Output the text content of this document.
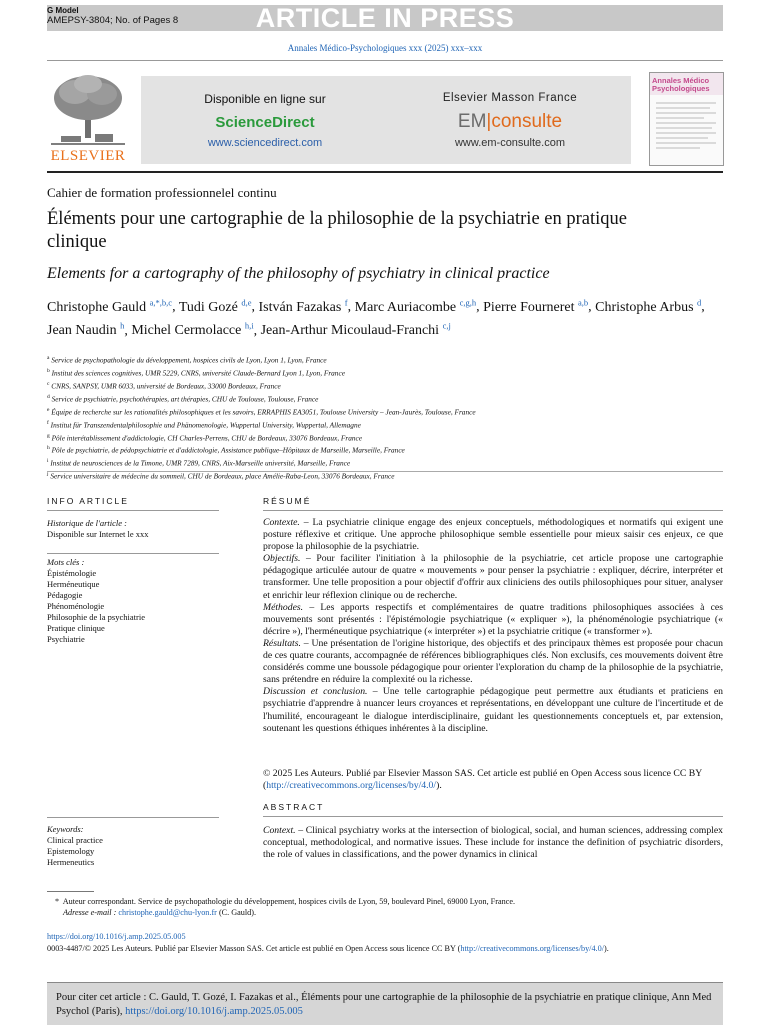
ARTICLE IN PRESS
G Model
AMEPSY-3804; No. of Pages 8
Annales Médico-Psychologiques xxx (2025) xxx–xxx
ELSEVIER
Disponible en ligne sur
ScienceDirect
www.sciencedirect.com
Elsevier Masson France
EM|consulte
www.em-consulte.com
Annales Médico Psychologiques
Cahier de formation professionnelel continu
Éléments pour une cartographie de la philosophie de la psychiatrie en pratique clinique
Elements for a cartography of the philosophy of psychiatry in clinical practice
Christophe Gauld $^{a,*,b,c}$, Tudi Gozé $^{d,e}$, István Fazakas $^f$, Marc Auriacombe $^{c,g,h}$, Pierre Fourneret $^{a,b}$, Christophe Arbus $^d$, Jean Naudin $^h$, Michel Cermolacce $^{h,i}$, Jean-Arthur Micoulaud-Franchi $^{c,j}$
$^a$ Service de psychopathologie du développement, hospices civils de Lyon, Lyon 1, Lyon, France
$^b$ Institut des sciences cognitives, UMR 5229, CNRS, université Claude-Bernard Lyon 1, Lyon, France
$^c$ CNRS, SANPSY, UMR 6033, université de Bordeaux, 33000 Bordeaux, France
$^d$ Service de psychiatrie, psychothérapies, art thérapies, CHU de Toulouse, Toulouse, France
$^e$ Équipe de recherche sur les rationalités philosophiques et les savoirs, ERRAPHIS EA3051, Toulouse University – Jean-Jaurès, Toulouse, France
$^f$ Institut für Transzendentalphilosophie und Phänomenologie, Wuppertal University, Wuppertal, Allemagne
$^g$ Pôle interétablissement d'addictologie, CH Charles-Perrens, CHU de Bordeaux, 33076 Bordeaux, France
$^h$ Pôle de psychiatrie, de pédopsychiatrie et d'addictologie, Assistance publique–Hôpitaux de Marseille, Marseille, France
$^i$ Institut de neurosciences de la Timone, UMR 7289, CNRS, Aix-Marseille université, Marseille, France
$^j$ Service universitaire de médecine du sommeil, CHU de Bordeaux, place Amélie-Raba-Leon, 33076 Bordeaux, France
INFO ARTICLE
Historique de l'article :
Disponible sur Internet le xxx
Mots clés :
Épistémologie
Herméneutique
Pédagogie
Phénoménologie
Philosophie de la psychiatrie
Pratique clinique
Psychiatrie
Keywords:
Clinical practice
Epistemology
Hermeneutics
RÉSUMÉ

Contexte. – La psychiatrie clinique engage des enjeux conceptuels, méthodologiques et normatifs qui exigent une posture réflexive et critique. Une approche philosophique semble essentielle pour mieux saisir ces enjeux, ce que propose la philosophie de la psychiatrie.

Objectifs. – Pour faciliter l'initiation à la philosophie de la psychiatrie, cet article propose une cartographie pédagogique articulée autour de quatre « mouvements » pour penser la psychiatrie : expliquer, décrire, interpréter et transformer. Une telle proposition a pour objectif d'offrir aux cliniciens des outils philosophiques pour situer, analyser et enrichir leur réflexion clinique ou de recherche.

Méthodes. – Les apports respectifs et complémentaires de quatre traditions philosophiques associées à ces mouvements sont présentés : l'épistémologie psychiatrique (« expliquer »), la phénoménologie psychiatrique (« décrire »), l'herméneutique psychiatrique (« interpréter ») et la psychiatrie critique (« transformer »).

Résultats. – Une présentation de l'origine historique, des objectifs et des principaux thèmes est proposée pour chacun de ces quatre courants, accompagnée de références bibliographiques clés. Non exclusifs, ces mouvements doivent être considérés comme une boussole pédagogique pour orienter l'exploration du champ de la philosophie de la psychiatrie, sans prétendre en réduire la complexité ou la richesse.

Discussion et conclusion. – Une telle cartographie pédagogique peut permettre aux étudiants et praticiens en psychiatrie d'apprendre à nuancer leurs croyances et représentations, en développant une culture de l'incertitude et de l'humilité, encourageant le dialogue interdisciplinaire, guidant les questionnements conceptuels et, par extension, soutenant les questions éthiques inhérentes à la discipline.

© 2025 Les Auteurs. Publié par Elsevier Masson SAS. Cet article est publié en Open Access sous licence CC BY (http://creativecommons.org/licenses/by/4.0/).
ABSTRACT
Context. – Clinical psychiatry works at the intersection of biological, social, and human sciences, addressing complex conceptual, methodological, and normative issues. These include for instance the definition of psychiatric disorders, the role of values in classifications, and the power dynamics in clinical
* Auteur correspondant. Service de psychopathologie du développement, hospices civils de Lyon, 59, boulevard Pinel, 69000 Lyon, France.
Adresse e-mail : christophe.gauld@chu-lyon.fr (C. Gauld).
https://doi.org/10.1016/j.amp.2025.05.005
0003-4487/© 2025 Les Auteurs. Publié par Elsevier Masson SAS. Cet article est publié en Open Access sous licence CC BY (http://creativecommons.org/licenses/by/4.0/).
Pour citer cet article : C. Gauld, T. Gozé, I. Fazakas et al., Éléments pour une cartographie de la philosophie de la psychiatrie en pratique clinique, Ann Med Psychol (Paris), https://doi.org/10.1016/j.amp.2025.05.005
